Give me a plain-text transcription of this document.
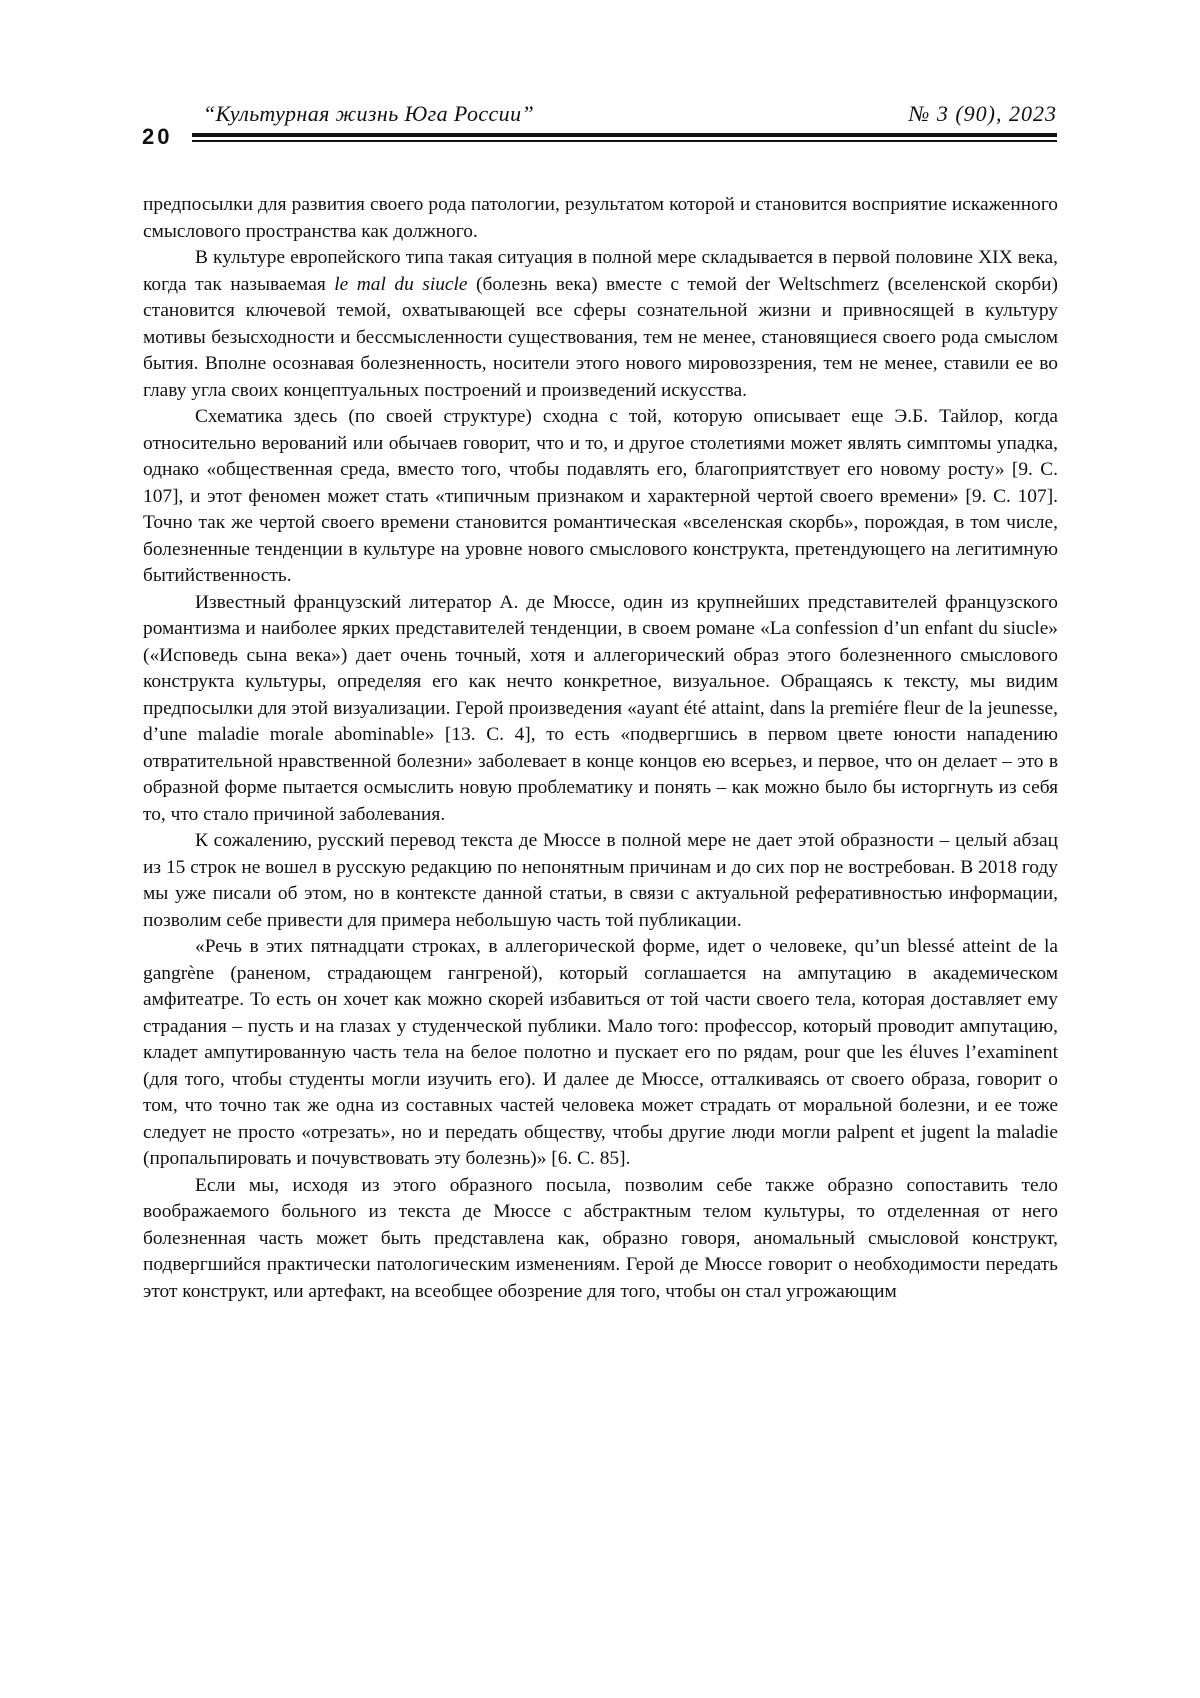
20
“Культурная жизнь Юга России”	№ 3 (90), 2023

предпосылки для развития своего рода патологии, результатом которой и становится восприятие искаженного смыслового пространства как должного.

В культуре европейского типа такая ситуация в полной мере складывается в первой половине XIX века, когда так называемая le mal du siucle (болезнь века) вместе с темой der Weltschmerz (вселенской скорби) становится ключевой темой, охватывающей все сферы сознательной жизни и привносящей в культуру мотивы безысходности и бессмысленности существования, тем не менее, становящиеся своего рода смыслом бытия. Вполне осознавая болезненность, носители этого нового мировоззрения, тем не менее, ставили ее во главу угла своих концептуальных построений и произведений искусства.

Схематика здесь (по своей структуре) сходна с той, которую описывает еще Э.Б. Тайлор, когда относительно верований или обычаев говорит, что и то, и другое столетиями может являть симптомы упадка, однако «общественная среда, вместо того, чтобы подавлять его, благоприятствует его новому росту» [9. С. 107], и этот феномен может стать «типичным признаком и характерной чертой своего времени» [9. С. 107]. Точно так же чертой своего времени становится романтическая «вселенская скорбь», порождая, в том числе, болезненные тенденции в культуре на уровне нового смыслового конструкта, претендующего на легитимную бытийственность.

Известный французский литератор А. де Мюссе, один из крупнейших представителей французского романтизма и наиболее ярких представителей тенденции, в своем романе «La confession d’un enfant du siucle» («Исповедь сына века») дает очень точный, хотя и аллегорический образ этого болезненного смыслового конструкта культуры, определяя его как нечто конкретное, визуальное. Обращаясь к тексту, мы видим предпосылки для этой визуализации. Герой произведения «ayant été attaint, dans la premiére fleur de la jeunesse, d’une maladie morale abominable» [13. С. 4], то есть «подвергшись в первом цвете юности нападению отвратительной нравственной болезни» заболевает в конце концов ею всерьез, и первое, что он делает – это в образной форме пытается осмыслить новую проблематику и понять – как можно было бы исторгнуть из себя то, что стало причиной заболевания.

К сожалению, русский перевод текста де Мюссе в полной мере не дает этой образности – целый абзац из 15 строк не вошел в русскую редакцию по непонятным причинам и до сих пор не востребован. В 2018 году мы уже писали об этом, но в контексте данной статьи, в связи с актуальной реферативностью информации, позволим себе привести для примера небольшую часть той публикации.

«Речь в этих пятнадцати строках, в аллегорической форме, идет о человеке, qu’un blessé atteint de la gangrène (раненом, страдающем гангреной), который соглашается на ампутацию в академическом амфитеатре. То есть он хочет как можно скорей избавиться от той части своего тела, которая доставляет ему страдания – пусть и на глазах у студенческой публики. Мало того: профессор, который проводит ампутацию, кладет ампутированную часть тела на белое полотно и пускает его по рядам, pour que les éluves l’examinent (для того, чтобы студенты могли изучить его). И далее де Мюссе, отталкиваясь от своего образа, говорит о том, что точно так же одна из составных частей человека может страдать от моральной болезни, и ее тоже следует не просто «отрезать», но и передать обществу, чтобы другие люди могли palpent et jugent la maladie (пропальпировать и почувствовать эту болезнь)» [6. С. 85].

Если мы, исходя из этого образного посыла, позволим себе также образно сопоставить тело воображаемого больного из текста де Мюссе с абстрактным телом культуры, то отделенная от него болезненная часть может быть представлена как, образно говоря, аномальный смысловой конструкт, подвергшийся практически патологическим изменениям. Герой де Мюссе говорит о необходимости передать этот конструкт, или артефакт, на всеобщее обозрение для того, чтобы он стал угрожающим
